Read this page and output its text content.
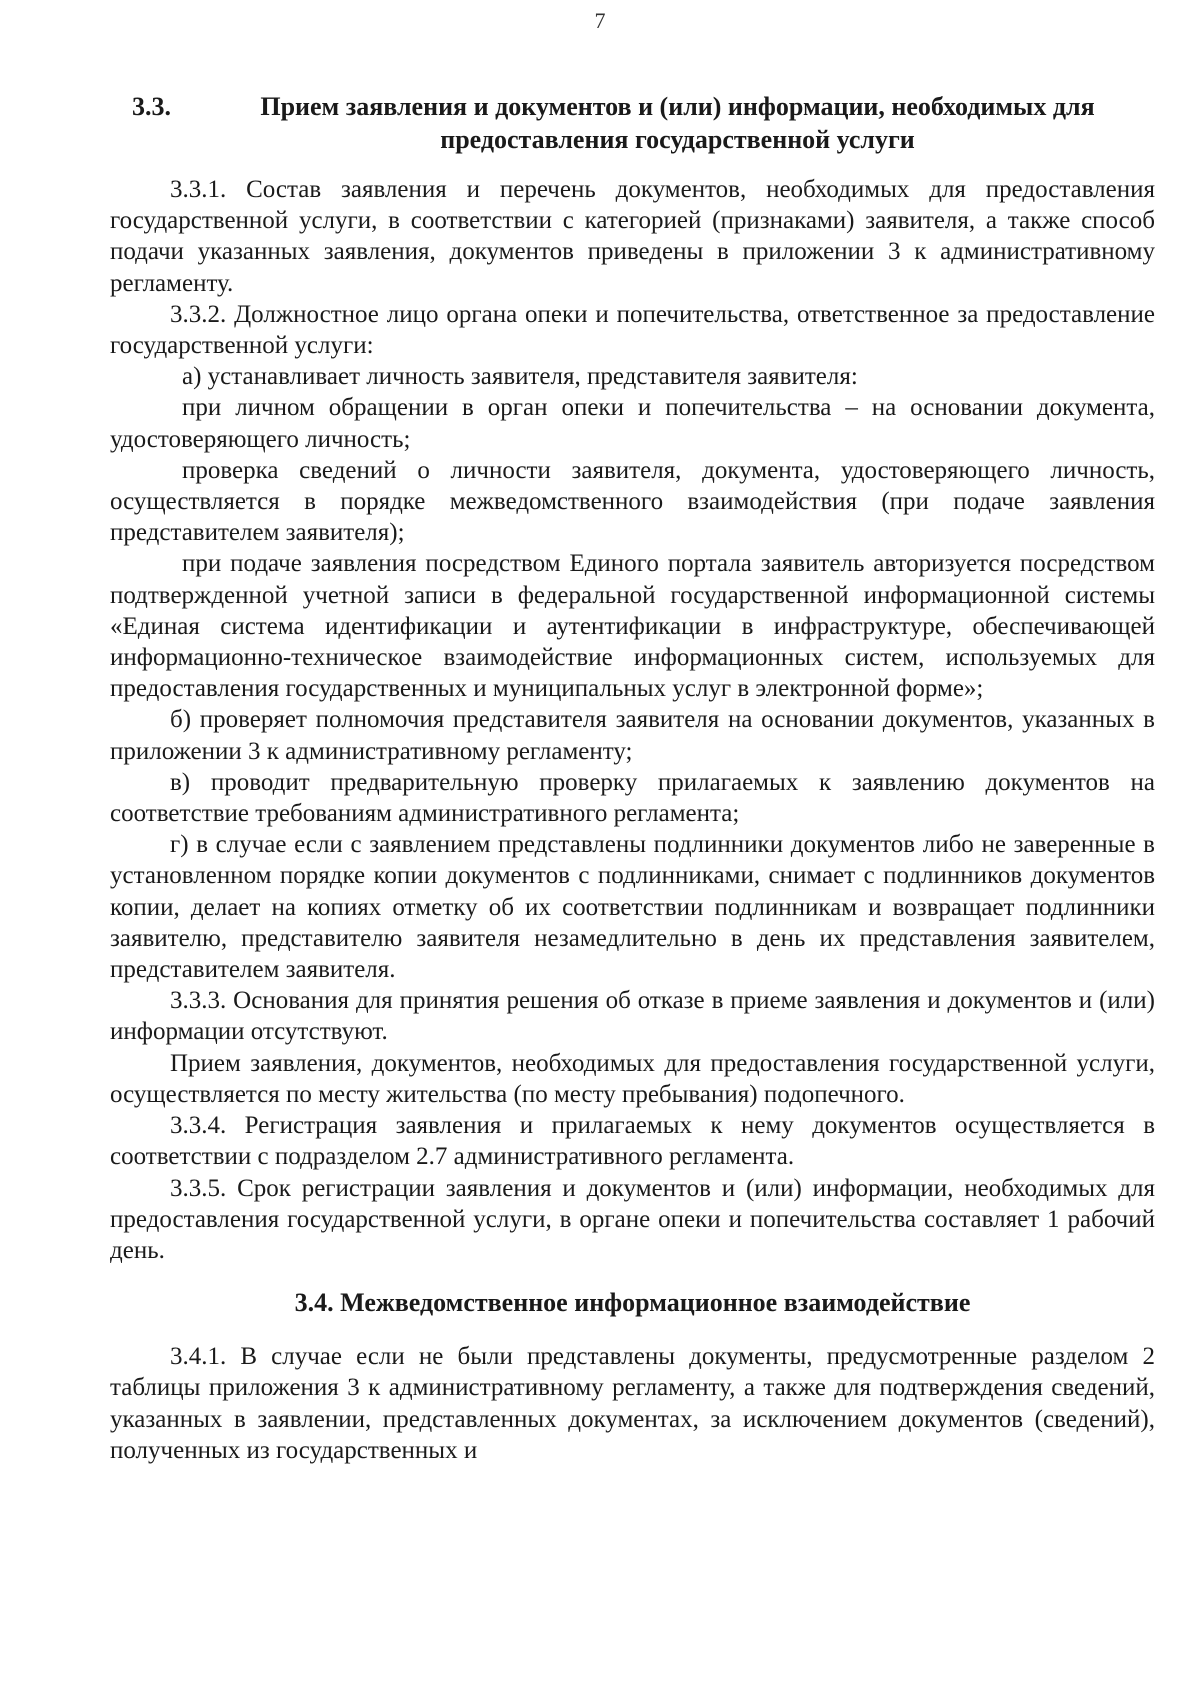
7
3.3.	Прием заявления и документов и (или) информации, необходимых для предоставления государственной услуги

3.3.1. Состав заявления и перечень документов, необходимых для предоставления государственной услуги, в соответствии с категорией (признаками) заявителя, а также способ подачи указанных заявления, документов приведены в приложении 3 к административному регламенту.

3.3.2. Должностное лицо органа опеки и попечительства, ответственное за предоставление государственной услуги:

а) устанавливает личность заявителя, представителя заявителя:

при личном обращении в орган опеки и попечительства – на основании документа, удостоверяющего личность;

проверка сведений о личности заявителя, документа, удостоверяющего личность, осуществляется в порядке межведомственного взаимодействия (при подаче заявления представителем заявителя);

при подаче заявления посредством Единого портала заявитель авторизуется посредством подтвержденной учетной записи в федеральной государственной информационной системы «Единая система идентификации и аутентификации в инфраструктуре, обеспечивающей информационно-техническое взаимодействие информационных систем, используемых для предоставления государственных и муниципальных услуг в электронной форме»;

б) проверяет полномочия представителя заявителя на основании документов, указанных в приложении 3 к административному регламенту;

в) проводит предварительную проверку прилагаемых к заявлению документов на соответствие требованиям административного регламента;

г) в случае если с заявлением представлены подлинники документов либо не заверенные в установленном порядке копии документов с подлинниками, снимает с подлинников документов копии, делает на копиях отметку об их соответствии подлинникам и возвращает подлинники заявителю, представителю заявителя незамедлительно в день их представления заявителем, представителем заявителя.

3.3.3. Основания для принятия решения об отказе в приеме заявления и документов и (или) информации отсутствуют.

Прием заявления, документов, необходимых для предоставления государственной услуги, осуществляется по месту жительства (по месту пребывания) подопечного.

3.3.4. Регистрация заявления и прилагаемых к нему документов осуществляется в соответствии с подразделом 2.7 административного регламента.

3.3.5. Срок регистрации заявления и документов и (или) информации, необходимых для предоставления государственной услуги, в органе опеки и попечительства составляет 1 рабочий день.

3.4. Межведомственное информационное взаимодействие

3.4.1. В случае если не были представлены документы, предусмотренные разделом 2 таблицы приложения 3 к административному регламенту, а также для подтверждения сведений, указанных в заявлении, представленных документах, за исключением документов (сведений), полученных из государственных и
